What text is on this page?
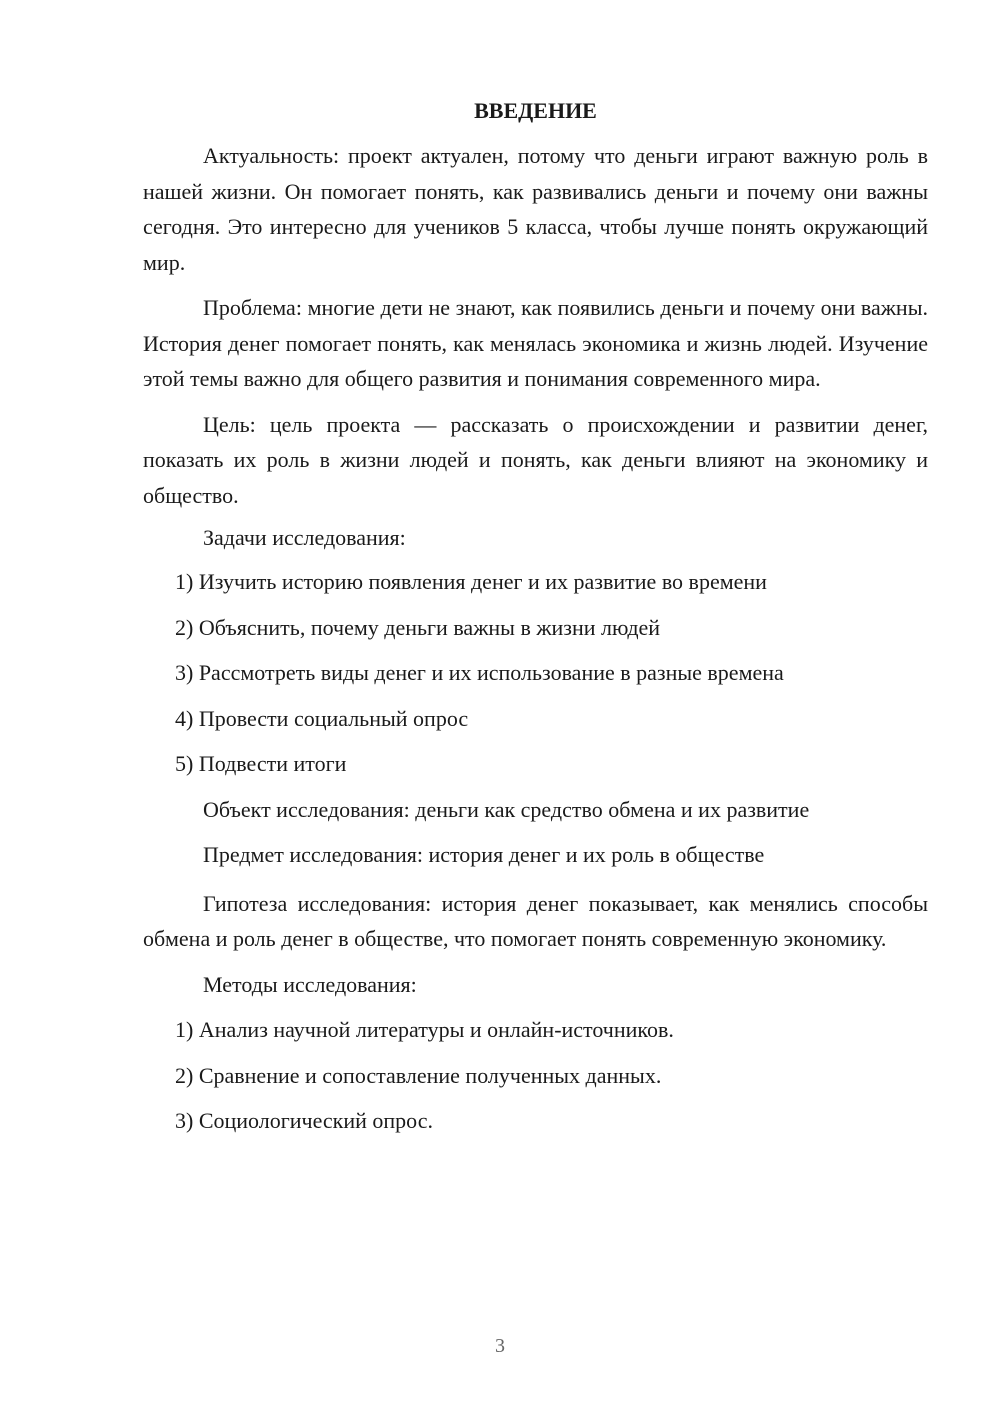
ВВЕДЕНИЕ

Актуальность: проект актуален, потому что деньги играют важную роль в нашей жизни. Он помогает понять, как развивались деньги и почему они важны сегодня. Это интересно для учеников 5 класса, чтобы лучше понять окружающий мир.

Проблема: многие дети не знают, как появились деньги и почему они важны. История денег помогает понять, как менялась экономика и жизнь людей. Изучение этой темы важно для общего развития и понимания современного мира.

Цель: цель проекта — рассказать о происхождении и развитии денег, показать их роль в жизни людей и понять, как деньги влияют на экономику и общество.

Задачи исследования:

1) Изучить историю появления денег и их развитие во времени

2) Объяснить, почему деньги важны в жизни людей

3) Рассмотреть виды денег и их использование в разные времена

4) Провести социальный опрос

5) Подвести итоги

Объект исследования: деньги как средство обмена и их развитие

Предмет исследования: история денег и их роль в обществе

Гипотеза исследования: история денег показывает, как менялись способы обмена и роль денег в обществе, что помогает понять современную экономику.

Методы исследования:

1) Анализ научной литературы и онлайн-источников.

2) Сравнение и сопоставление полученных данных.

3) Социологический опрос.

3
